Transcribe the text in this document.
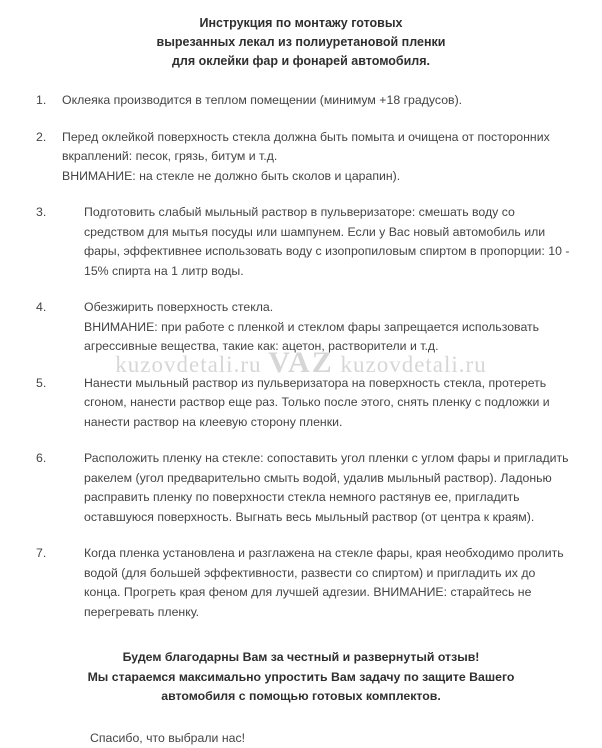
Инструкция по монтажу готовых
вырезанных лекал из полиуретановой пленки
для оклейки фар и фонарей автомобиля.
1.	Оклеяка производится в теплом помещении (минимум +18 градусов).

2.	Перед оклейкой поверхность стекла должна быть помыта и очищена от посторонних вкраплений: песок, грязь, битум и т.д.

ВНИМАНИЕ: на стекле не должно быть сколов и царапин).

3.	Подготовить слабый мыльный раствор в пульверизаторе: смешать воду со средством для мытья посуды или шампунем. Если у Вас новый автомобиль или фары, эффективнее использовать воду с изопропиловым спиртом в пропорции: 10 - 15% спирта на 1 литр воды.

4.	Обезжирить поверхность стекла.

ВНИМАНИЕ: при работе с пленкой и стеклом фары запрещается использовать агрессивные вещества, такие как: ацетон, растворители и т.д.

5.	Нанести мыльный раствор из пульверизатора на поверхность стекла, протереть сгоном, нанести раствор еще раз. Только после этого, снять пленку с подложки и нанести раствор на клеевую сторону пленки.

6.	Расположить пленку на стекле: сопоставить угол пленки с углом фары и пригладить ракелем (угол предварительно смыть водой, удалив мыльный раствор). Ладонью расправить пленку по поверхности стекла немного растянув ее, пригладить оставшуюся поверхность. Выгнать весь мыльный раствор (от центра к краям).

7.	Когда пленка установлена и разглажена на стекле фары, края необходимо пролить водой (для большей эффективности, развести со спиртом) и пригладить их до конца. Прогреть края феном для лучшей адгезии. ВНИМАНИЕ: старайтесь не перегревать пленку.

Будем благодарны Вам за честный и развернутый отзыв!
Мы стараемся максимально упростить Вам задачу по защите Вашего
автомобиля с помощью готовых комплектов.
Спасибо, что выбрали нас!
kuzovdetali.ru VAZ kuzovdetali.ru
